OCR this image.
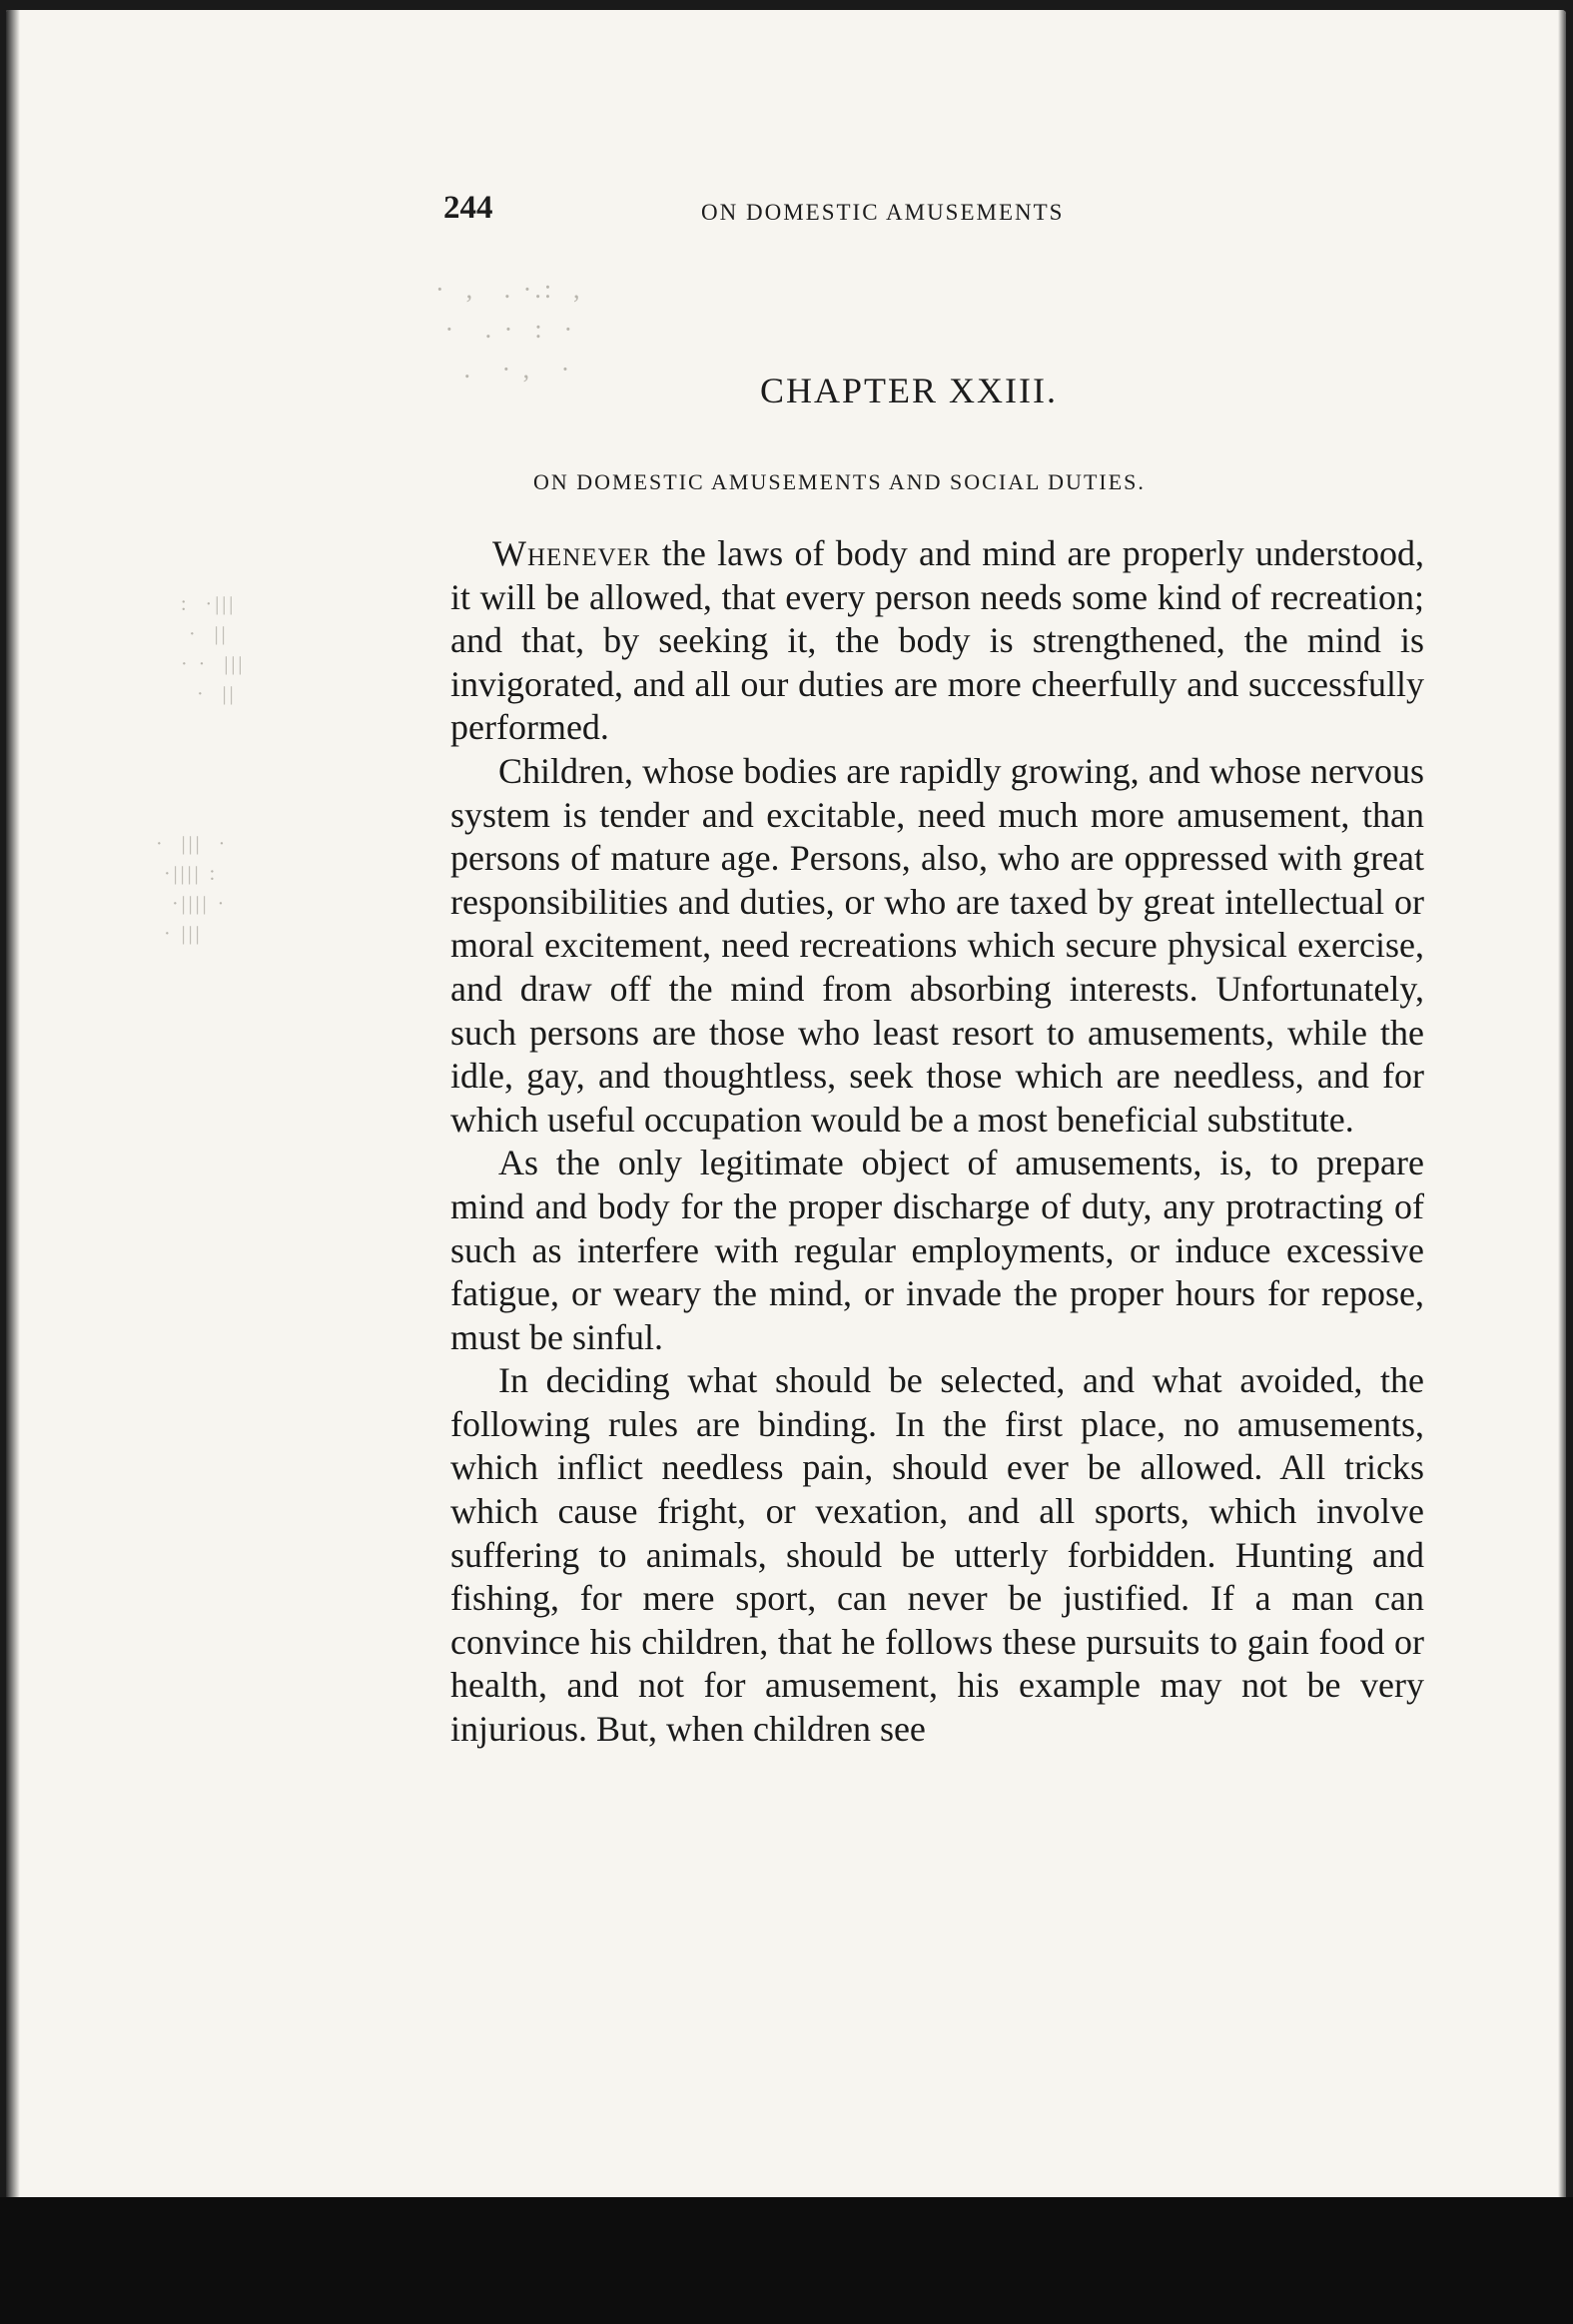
·  ,   . ·.:  ,
·   . ·  :  ·
.   · ,   ·
:  ·|||
·  ||
· ·  |||
·  ||
·  |||  ·
·|||| :
·|||| ·
· |||
244	ON DOMESTIC AMUSEMENTS
CHAPTER XXIII.
ON DOMESTIC AMUSEMENTS AND SOCIAL DUTIES.

Whenever the laws of body and mind are properly understood, it will be allowed, that every person needs some kind of recreation; and that, by seeking it, the body is strengthened, the mind is invigorated, and all our duties are more cheerfully and successfully performed.

Children, whose bodies are rapidly growing, and whose nervous system is tender and excitable, need much more amusement, than persons of mature age. Persons, also, who are oppressed with great responsibilities and duties, or who are taxed by great intellectual or moral excitement, need recreations which secure physical exercise, and draw off the mind from absorbing interests. Unfortunately, such persons are those who least resort to amusements, while the idle, gay, and thoughtless, seek those which are needless, and for which useful occupation would be a most beneficial substitute.

As the only legitimate object of amusements, is, to prepare mind and body for the proper discharge of duty, any protracting of such as interfere with regular employments, or induce excessive fatigue, or weary the mind, or invade the proper hours for repose, must be sinful.

In deciding what should be selected, and what avoided, the following rules are binding. In the first place, no amusements, which inflict needless pain, should ever be allowed. All tricks which cause fright, or vexation, and all sports, which involve suffering to animals, should be utterly forbidden. Hunting and fishing, for mere sport, can never be justified. If a man can convince his children, that he follows these pursuits to gain food or health, and not for amusement, his example may not be very injurious. But, when children see
